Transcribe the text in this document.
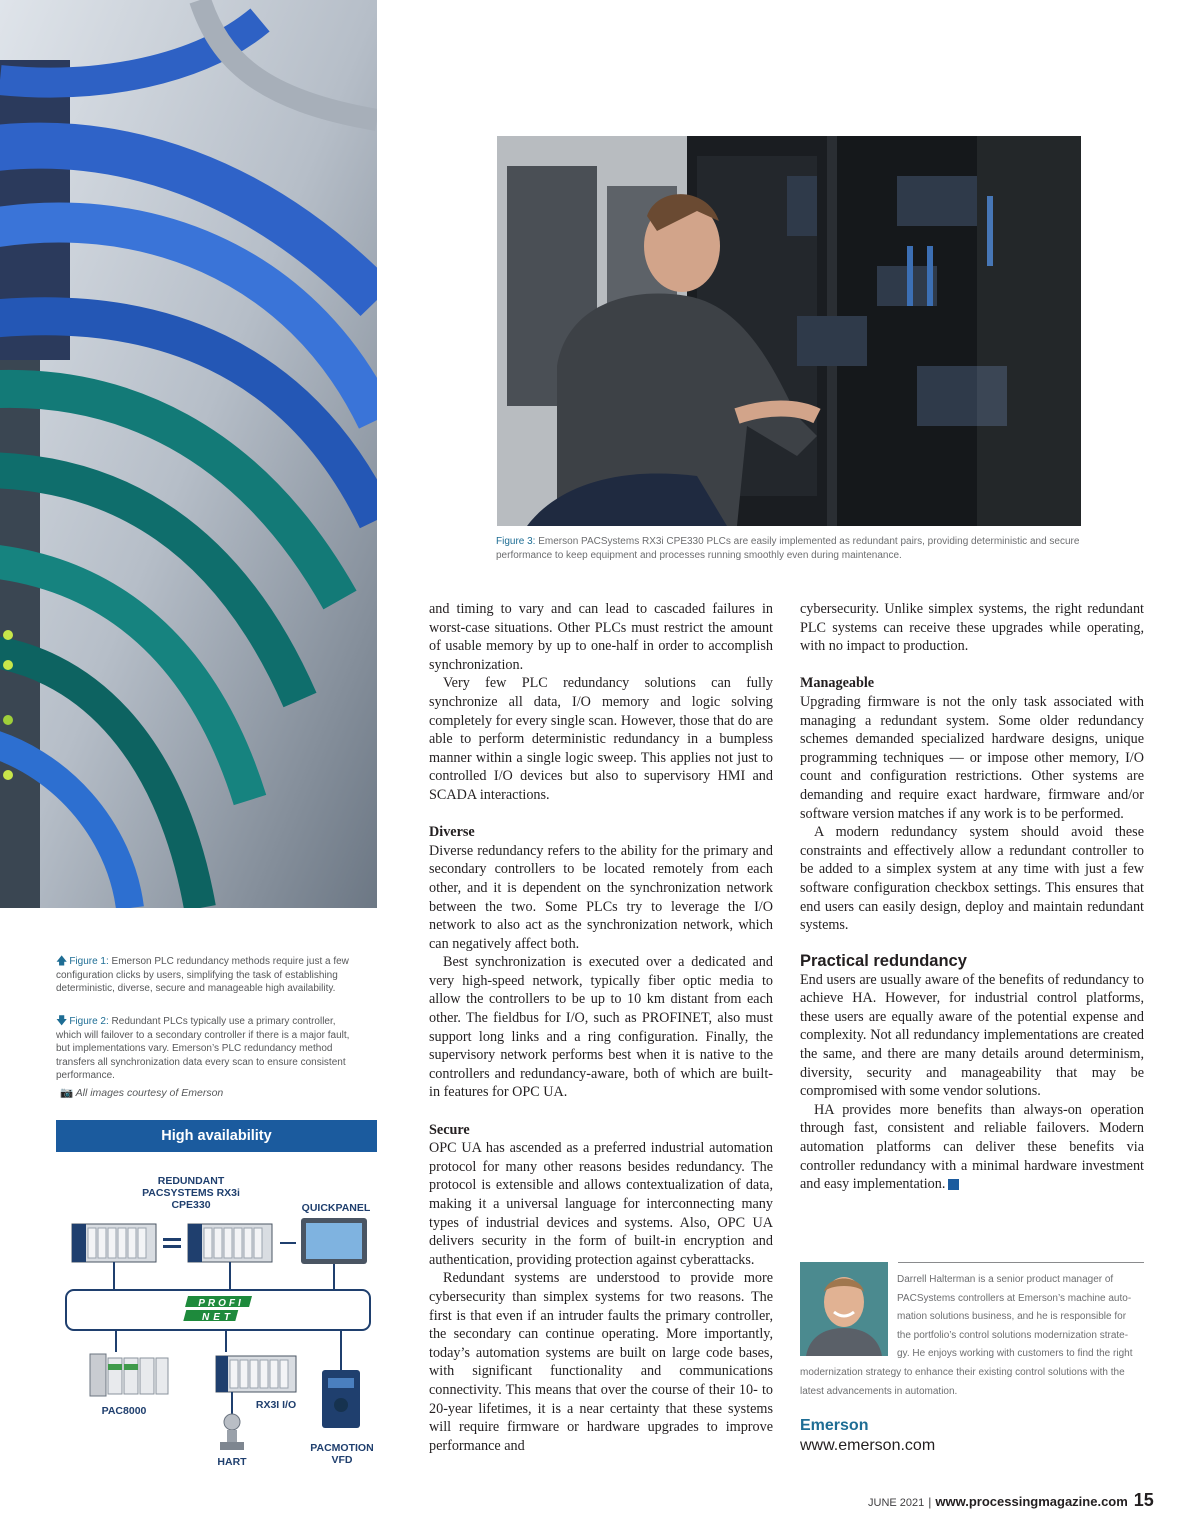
🡅 Figure 1: Emerson PLC redundancy methods require just a few configuration clicks by users, simplifying the task of establishing deterministic, diverse, secure and manageable high availability.
🡇 Figure 2: Redundant PLCs typically use a primary controller, which will failover to a secondary controller if there is a major fault, but implementations vary. Emerson’s PLC redundancy method transfers all synchronization data every scan to ensure consistent performance.
📷 All images courtesy of Emerson
High availability
REDUNDANT
PACSYSTEMS RX3i
CPE330	QUICKPANEL
PROFI
NET
PAC8000	RX3I I/O
HART
PACMOTION
VFD
Figure 3: Emerson PACSystems RX3i CPE330 PLCs are easily implemented as redundant pairs, providing deterministic and secure performance to keep equipment and processes running smoothly even during maintenance.

and timing to vary and can lead to cascaded failures in worst-case situations. Other PLCs must restrict the amount of usable memory by up to one-half in order to accomplish synchronization.

Very few PLC redundancy solutions can fully synchronize all data, I/O memory and logic solving completely for every single scan. However, those that do are able to perform deterministic redundancy in a bumpless manner within a single logic sweep. This applies not just to controlled I/O devices but also to supervisory HMI and SCADA interactions.

Diverse

Diverse redundancy refers to the ability for the primary and secondary controllers to be located remotely from each other, and it is dependent on the synchronization network between the two. Some PLCs try to leverage the I/O network to also act as the synchronization network, which can negatively affect both.

Best synchronization is executed over a dedicated and very high-speed network, typically fiber optic media to allow the controllers to be up to 10 km distant from each other. The fieldbus for I/O, such as PROFINET, also must support long links and a ring configuration. Finally, the supervisory network performs best when it is native to the controllers and redundancy-aware, both of which are built-in features for OPC UA.

Secure

OPC UA has ascended as a preferred industrial automation protocol for many other reasons besides redundancy. The protocol is extensible and allows contextualization of data, making it a universal language for interconnecting many types of industrial devices and systems. Also, OPC UA delivers security in the form of built-in encryption and authentication, providing protection against cyberattacks.

Redundant systems are understood to provide more cybersecurity than simplex systems for two reasons. The first is that even if an intruder faults the primary controller, the secondary can continue operating. More importantly, today’s automation systems are built on large code bases, with significant functionality and communications connectivity. This means that over the course of their 10- to 20-year lifetimes, it is a near certainty that these systems will require firmware or hardware upgrades to improve performance and

cybersecurity. Unlike simplex systems, the right redundant PLC systems can receive these upgrades while operating, with no impact to production.

Manageable

Upgrading firmware is not the only task associated with managing a redundant system. Some older redundancy schemes demanded specialized hardware designs, unique programming techniques — or impose other memory, I/O count and configuration restrictions. Other systems are demanding and require exact hardware, firmware and/or software version matches if any work is to be performed.

A modern redundancy system should avoid these constraints and effectively allow a redundant controller to be added to a simplex system at any time with just a few software configuration checkbox settings. This ensures that end users can easily design, deploy and maintain redundant systems.

Practical redundancy

End users are usually aware of the benefits of redundancy to achieve HA. However, for industrial control platforms, these users are equally aware of the potential expense and complexity. Not all redundancy implementations are created the same, and there are many details around determinism, diversity, security and manageability that may be compromised with some vendor solutions.

HA provides more benefits than always-on operation through fast, consistent and reliable failovers. Modern automation platforms can deliver these benefits via controller redundancy with a minimal hardware investment and easy implementation. 1

Darrell Halterman is a senior product manager of
PACSystems controllers at Emerson’s machine auto-
mation solutions business, and he is responsible for
the portfolio’s control solutions modernization strate-
gy. He enjoys working with customers to find the right
modernization strategy to enhance their existing control solutions with the
latest advancements in automation.
Emerson
www.emerson.com
JUNE 2021 | www.processingmagazine.com 15
